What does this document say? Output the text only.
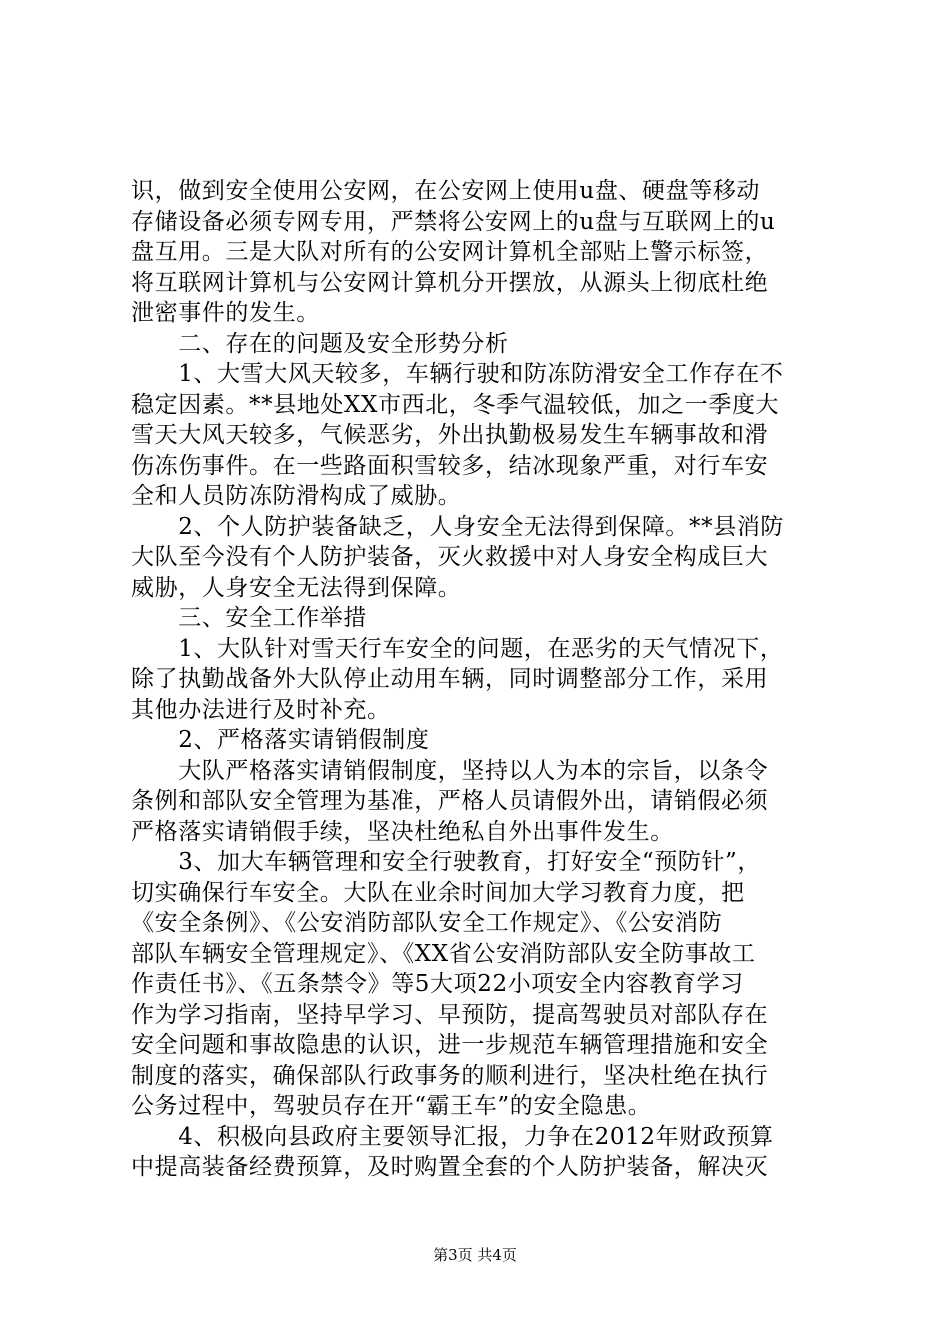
识，做到安全使用公安网，在公安网上使用u盘、硬盘等移动
存储设备必须专网专用，严禁将公安网上的u盘与互联网上的u
盘互用。三是大队对所有的公安网计算机全部贴上警示标签，
将互联网计算机与公安网计算机分开摆放，从源头上彻底杜绝
泄密事件的发生。
　　二、存在的问题及安全形势分析
　　1、大雪大风天较多，车辆行驶和防冻防滑安全工作存在不
稳定因素。**县地处XX市西北，冬季气温较低，加之一季度大
雪天大风天较多，气候恶劣，外出执勤极易发生车辆事故和滑
伤冻伤事件。在一些路面积雪较多，结冰现象严重，对行车安
全和人员防冻防滑构成了威胁。
　　2、个人防护装备缺乏，人身安全无法得到保障。**县消防
大队至今没有个人防护装备，灭火救援中对人身安全构成巨大
威胁，人身安全无法得到保障。
　　三、安全工作举措
　　1、大队针对雪天行车安全的问题，在恶劣的天气情况下，
除了执勤战备外大队停止动用车辆，同时调整部分工作，采用
其他办法进行及时补充。
　　2、严格落实请销假制度
　　大队严格落实请销假制度，坚持以人为本的宗旨，以条令
条例和部队安全管理为基准，严格人员请假外出，请销假必须
严格落实请销假手续，坚决杜绝私自外出事件发生。
　　3、加大车辆管理和安全行驶教育，打好安全“预防针”，
切实确保行车安全。大队在业余时间加大学习教育力度，把
《安全条例》、《公安消防部队安全工作规定》、《公安消防
部队车辆安全管理规定》、《XX省公安消防部队安全防事故工
作责任书》、《五条禁令》等5大项22小项安全内容教育学习
作为学习指南，坚持早学习、早预防，提高驾驶员对部队存在
安全问题和事故隐患的认识，进一步规范车辆管理措施和安全
制度的落实，确保部队行政事务的顺利进行，坚决杜绝在执行
公务过程中，驾驶员存在开“霸王车”的安全隐患。
　　4、积极向县政府主要领导汇报，力争在2012年财政预算
中提高装备经费预算，及时购置全套的个人防护装备，解决灭
第3页 共4页
